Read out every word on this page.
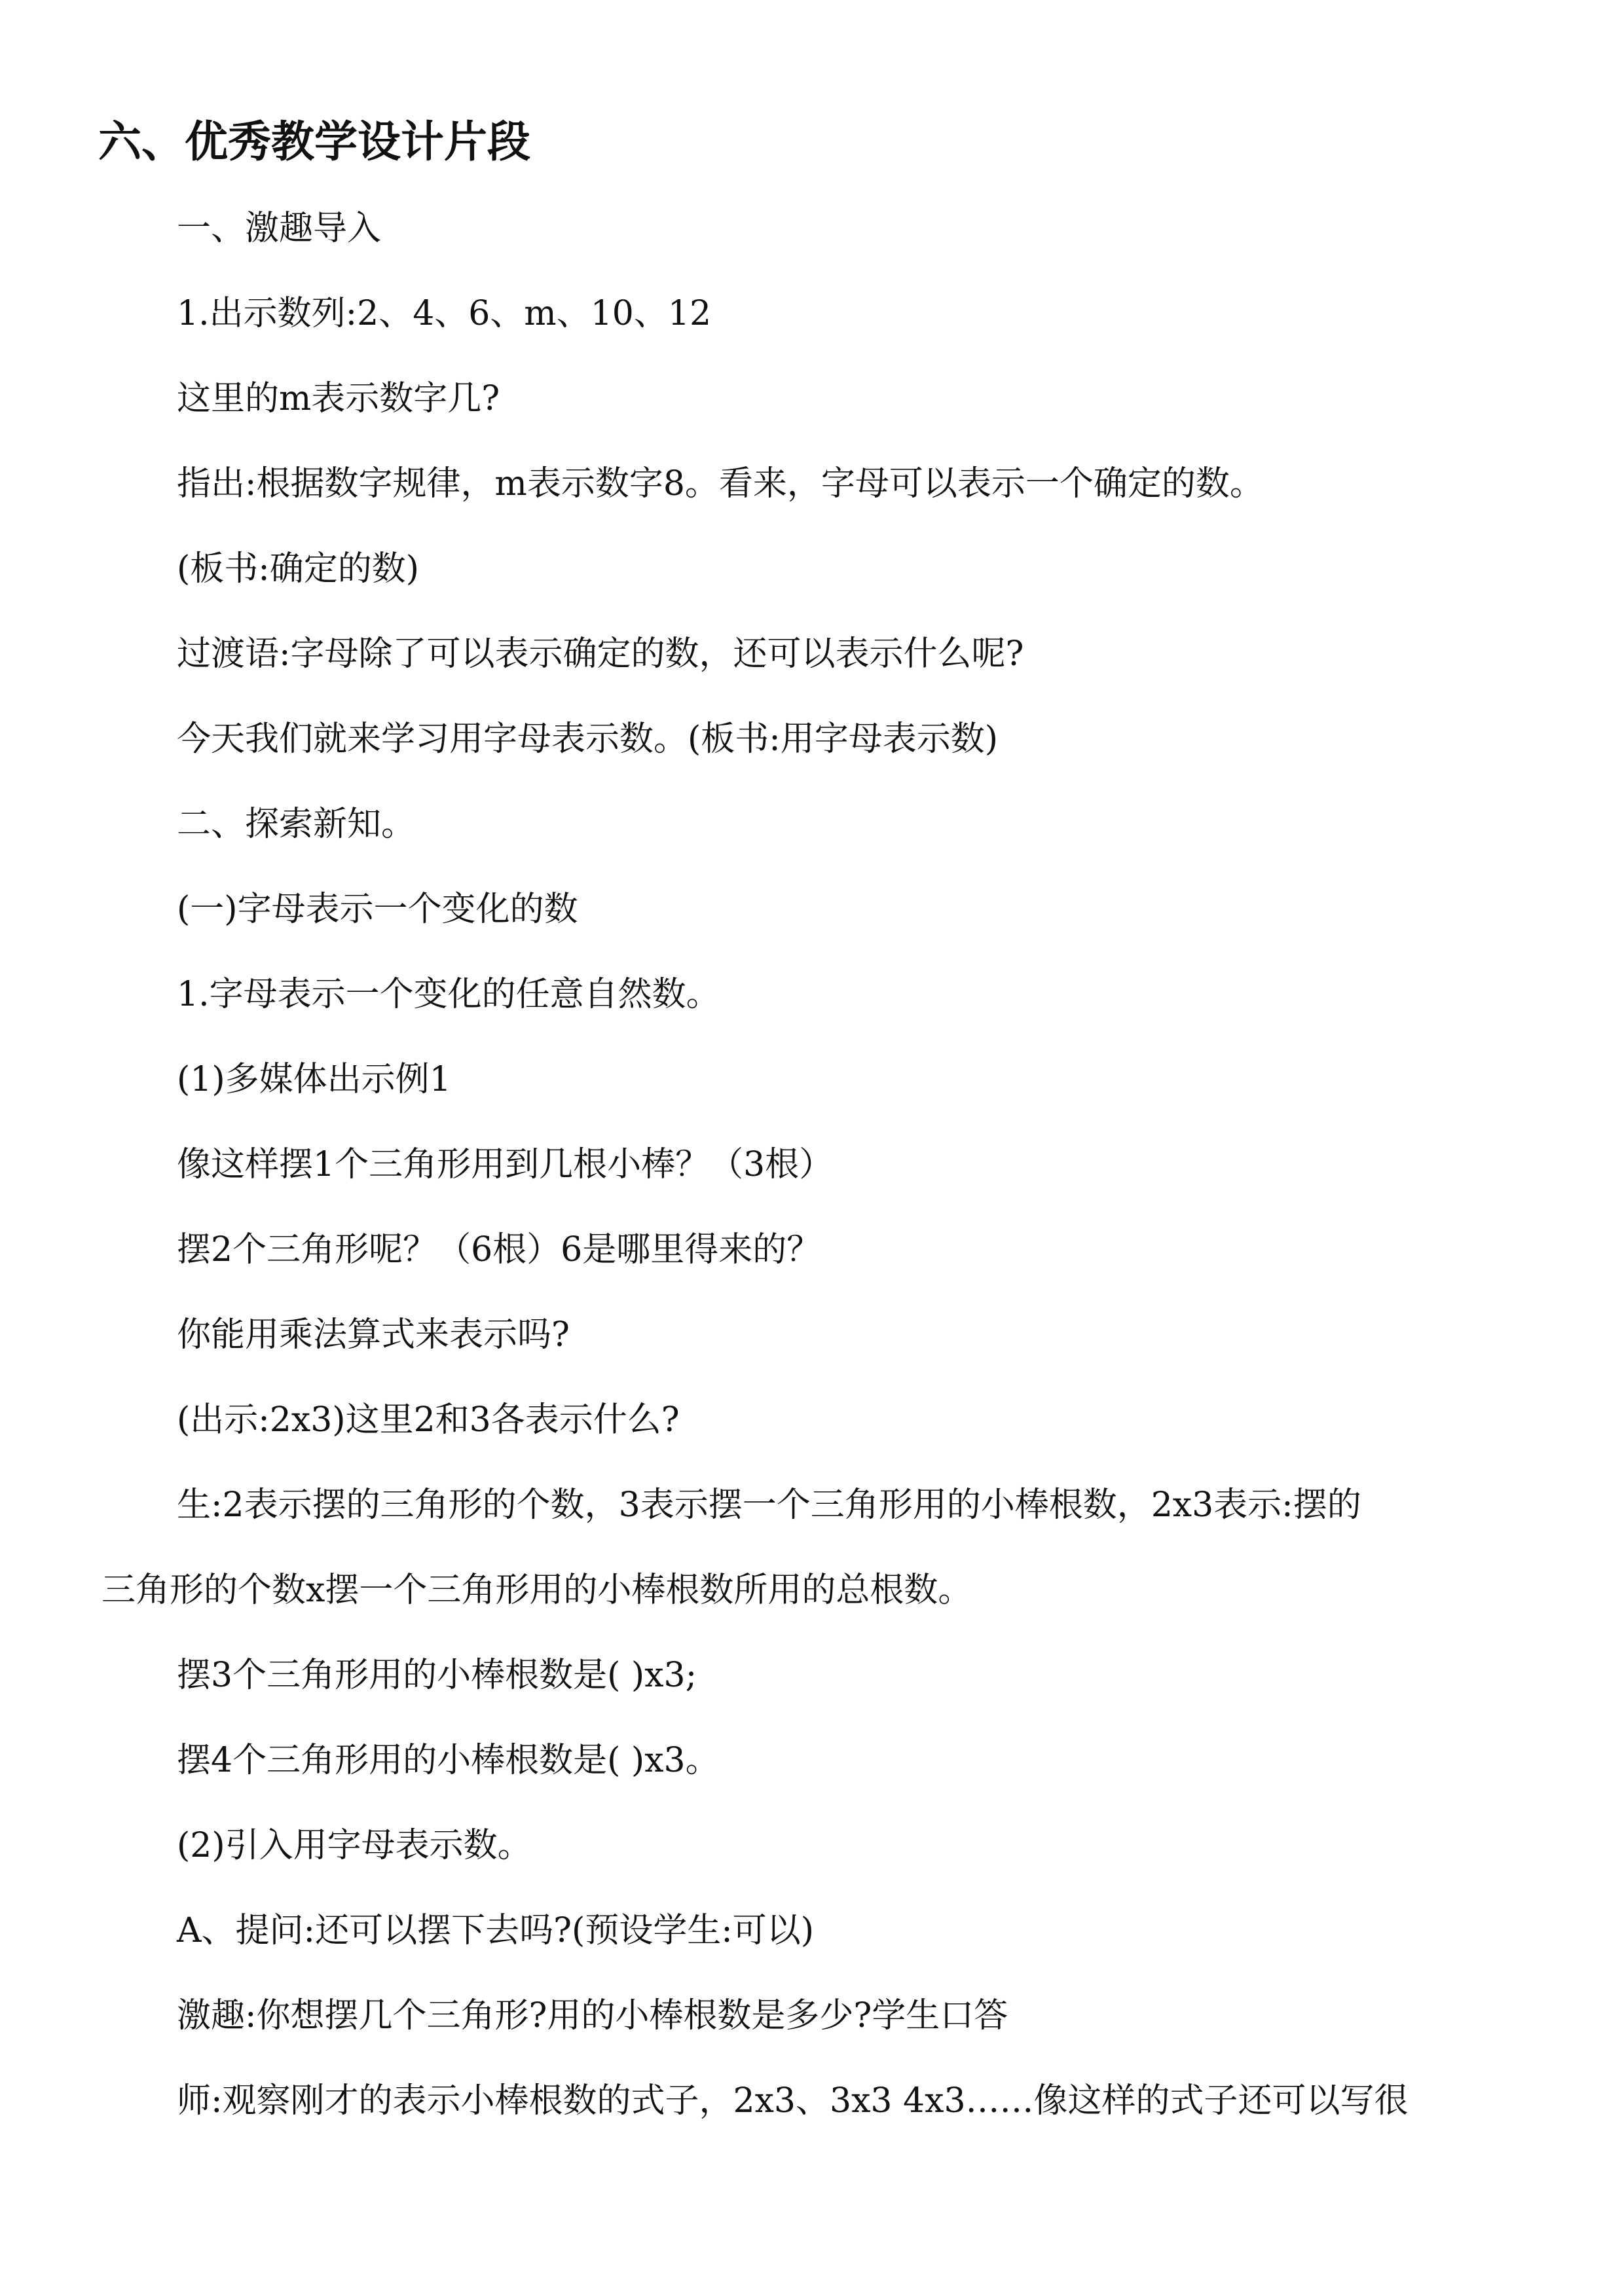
六、优秀教学设计片段

一、激趣导入

1.出示数列:2、4、6、m、10、12

这里的m表示数字几?

指出:根据数字规律，m表示数字8。看来，字母可以表示一个确定的数。

(板书:确定的数)

过渡语:字母除了可以表示确定的数，还可以表示什么呢?

今天我们就来学习用字母表示数。(板书:用字母表示数)

二、探索新知。

(一)字母表示一个变化的数

1.字母表示一个变化的任意自然数。

(1)多媒体出示例1

像这样摆1个三角形用到几根小棒？（3根）

摆2个三角形呢？（6根）6是哪里得来的？

你能用乘法算式来表示吗?

(出示:2x3)这里2和3各表示什么?

生:2表示摆的三角形的个数，3表示摆一个三角形用的小棒根数，2x3表示:摆的

三角形的个数x摆一个三角形用的小棒根数所用的总根数。

摆3个三角形用的小棒根数是( )x3;

摆4个三角形用的小棒根数是( )x3。

(2)引入用字母表示数。

A、提问:还可以摆下去吗?(预设学生:可以)

激趣:你想摆几个三角形?用的小棒根数是多少?学生口答

师:观察刚才的表示小棒根数的式子，2x3、3x3 4x3……像这样的式子还可以写很
